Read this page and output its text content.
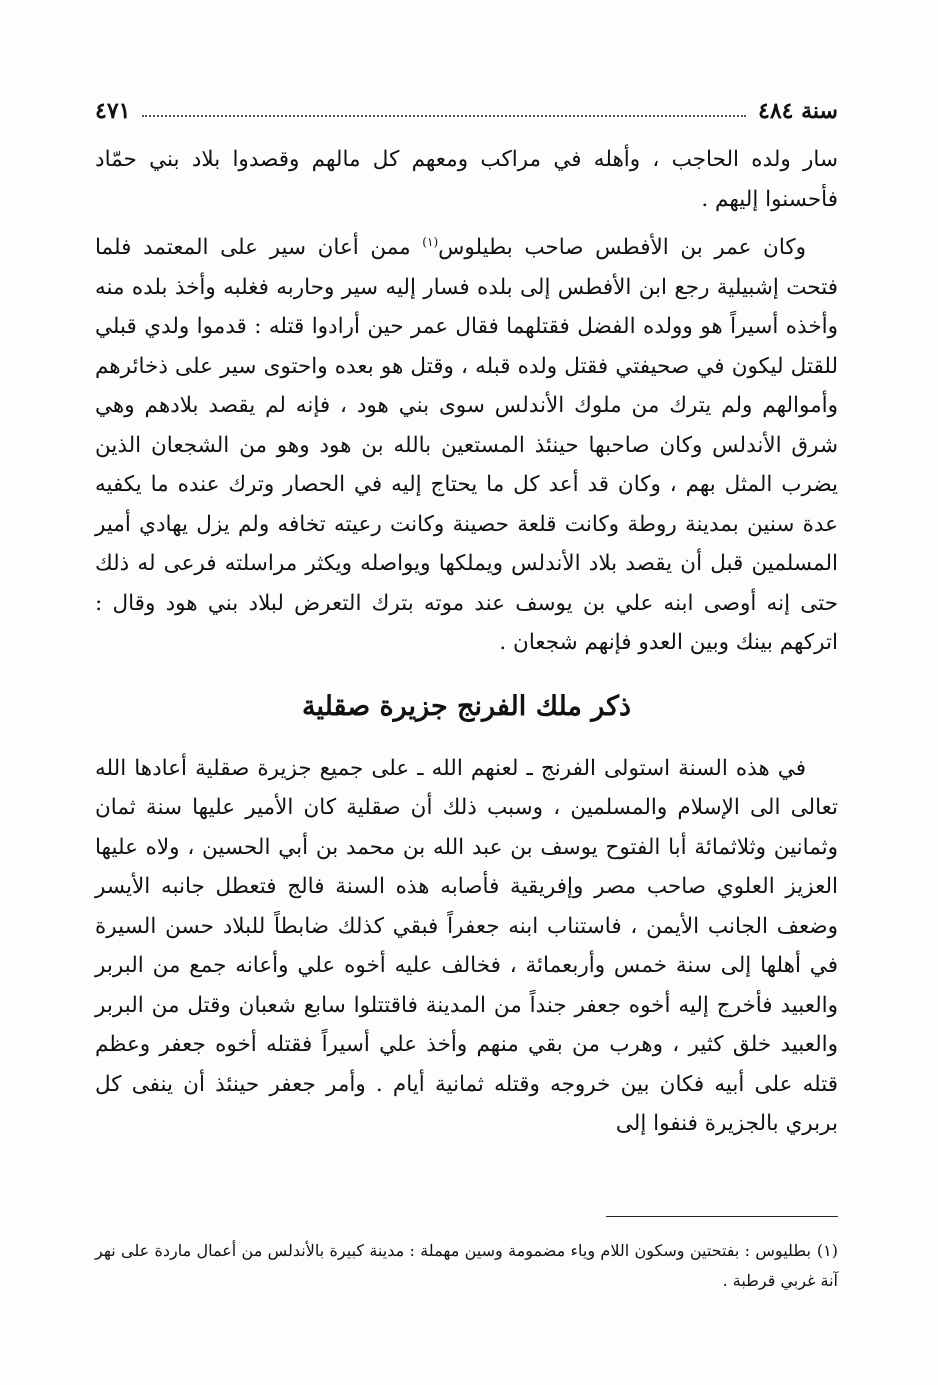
سنة ٤٨٤
٤٧١

سار ولده الحاجب ، وأهله في مراكب ومعهم كل مالهم وقصدوا بلاد بني حمّاد فأحسنوا إليهم .

وكان عمر بن الأفطس صاحب بطيلوس$^{(١)}$ ممن أعان سير على المعتمد فلما فتحت إشبيلية رجع ابن الأفطس إلى بلده فسار إليه سير وحاربه فغلبه وأخذ بلده منه وأخذه أسيراً هو وولده الفضل فقتلهما فقال عمر حين أرادوا قتله : قدموا ولدي قبلي للقتل ليكون في صحيفتي فقتل ولده قبله ، وقتل هو بعده واحتوى سير على ذخائرهم وأموالهم ولم يترك من ملوك الأندلس سوى بني هود ، فإنه لم يقصد بلادهم وهي شرق الأندلس وكان صاحبها حينئذ المستعين بالله بن هود وهو من الشجعان الذين يضرب المثل بهم ، وكان قد أعد كل ما يحتاج إليه في الحصار وترك عنده ما يكفيه عدة سنين بمدينة روطة وكانت قلعة حصينة وكانت رعيته تخافه ولم يزل يهادي أمير المسلمين قبل أن يقصد بلاد الأندلس ويملكها ويواصله ويكثر مراسلته فرعى له ذلك حتى إنه أوصى ابنه علي بن يوسف عند موته بترك التعرض لبلاد بني هود وقال : اتركهم بينك وبين العدو فإنهم شجعان .

ذكر ملك الفرنج جزيرة صقلية

في هذه السنة استولى الفرنج ـ لعنهم الله ـ على جميع جزيرة صقلية أعادها الله تعالى الى الإسلام والمسلمين ، وسبب ذلك أن صقلية كان الأمير عليها سنة ثمان وثمانين وثلاثمائة أبا الفتوح يوسف بن عبد الله بن محمد بن أبي الحسين ، ولاه عليها العزيز العلوي صاحب مصر وإفريقية فأصابه هذه السنة فالج فتعطل جانبه الأيسر وضعف الجانب الأيمن ، فاستناب ابنه جعفراً فبقي كذلك ضابطاً للبلاد حسن السيرة في أهلها إلى سنة خمس وأربعمائة ، فخالف عليه أخوه علي وأعانه جمع من البربر والعبيد فأخرج إليه أخوه جعفر جنداً من المدينة فاقتتلوا سابع شعبان وقتل من البربر والعبيد خلق كثير ، وهرب من بقي منهم وأخذ علي أسيراً فقتله أخوه جعفر وعظم قتله على أبيه فكان بين خروجه وقتله ثمانية أيام . وأمر جعفر حينئذ أن ينفى كل بربري بالجزيرة فنفوا إلى

(١)بطليوس : بفتحتين وسكون اللام وياء مضمومة وسين مهملة : مدينة كبيرة بالأندلس من أعمال ماردة على نهر آنة غربي قرطبة .
